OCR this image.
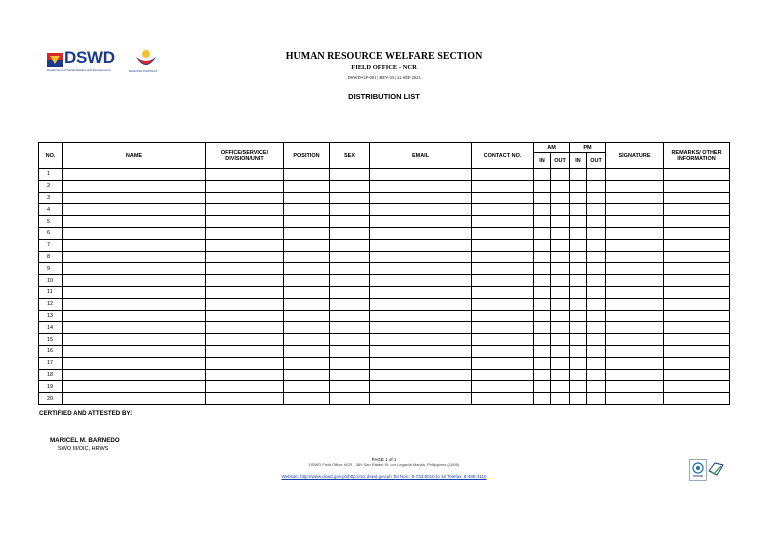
DSWD
Department of Social Welfare and Development	BAGONG PILIPINAS
HUMAN RESOURCE WELFARE SECTION
FIELD OFFICE - NCR
DSWD-GF-001 | REV 03 | 22 SEP 2023
DISTRIBUTION LIST
NO.	NAME	OFFICE/SERVICE/ DIVISION/UNIT	POSITION	SEX	EMAIL	CONTACT NO.	AM		PM		SIGNATURE	REMARKS/ OTHER INFORMATION
							IN	OUT	IN	OUT		
1												
2												
3												
4												
5												
6												
7												
8												
9												
10												
11												
12												
13												
14												
15												
16												
17												
18												
19												
20												
CERTIFIED AND ATTESTED BY:
MARICEL M. BARNEDO
SWO III/OIC, HRWS
PAGE 1 of 1
DSWD Field Office NCR - 389 San Rafael St. cor Legarda Manila, Philippines (1008)
Website: http://www.dswd.gov.ph/http://ncr.dswd.gov.ph Tel Nos.: 8-733-0010 to 18 Telefax: 8-488-3110
